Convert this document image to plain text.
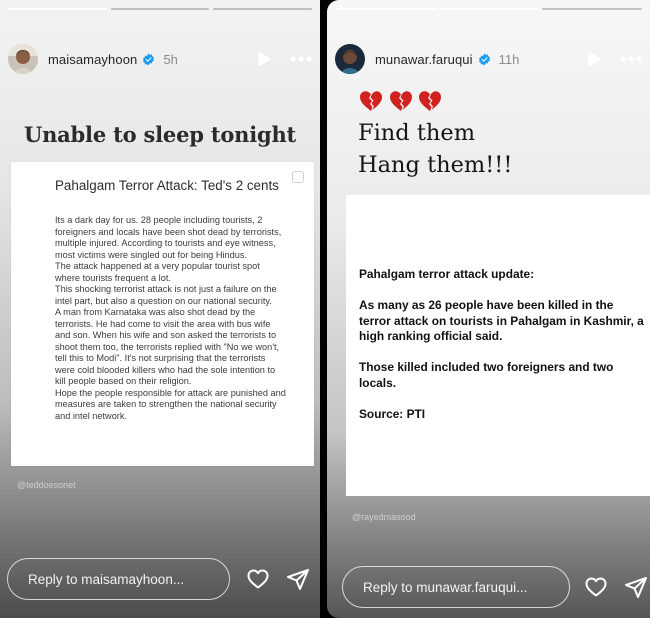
maisamayhoon 5h
Unable to sleep tonight
Pahalgam Terror Attack: Ted's 2 cents

Its a dark day for us. 28 people including tourists, 2 foreigners and locals have been shot dead by terrorists, multiple injured. According to tourists and eye witness, most victims were singled out for being Hindus.

The attack happened at a very popular tourist spot where tourists frequent a lot.

This shocking terrorist attack is not just a failure on the intel part, but also a question on our national security.

A man from Karnataka was also shot dead by the terrorists. He had come to visit the area with bus wife and son. When his wife and son asked the terrorists to shoot them too, the terrorists replied with "No we won't, tell this to Modi". It's not surprising that the terrorists were cold blooded killers who had the sole intention to kill people based on their religion.

Hope the people responsible for attack are punished and measures are taken to strengthen the national security and intel network.

@teddoesonet
Reply to maisamayhoon...
munawar.faruqui 11h

Find them
Hang them!!!

Pahalgam terror attack update:

As many as 26 people have been killed in the terror attack on tourists in Pahalgam in Kashmir, a high ranking official said.

Those killed included two foreigners and two locals.

Source: PTI

@rayedmasood
Reply to munawar.faruqui...
